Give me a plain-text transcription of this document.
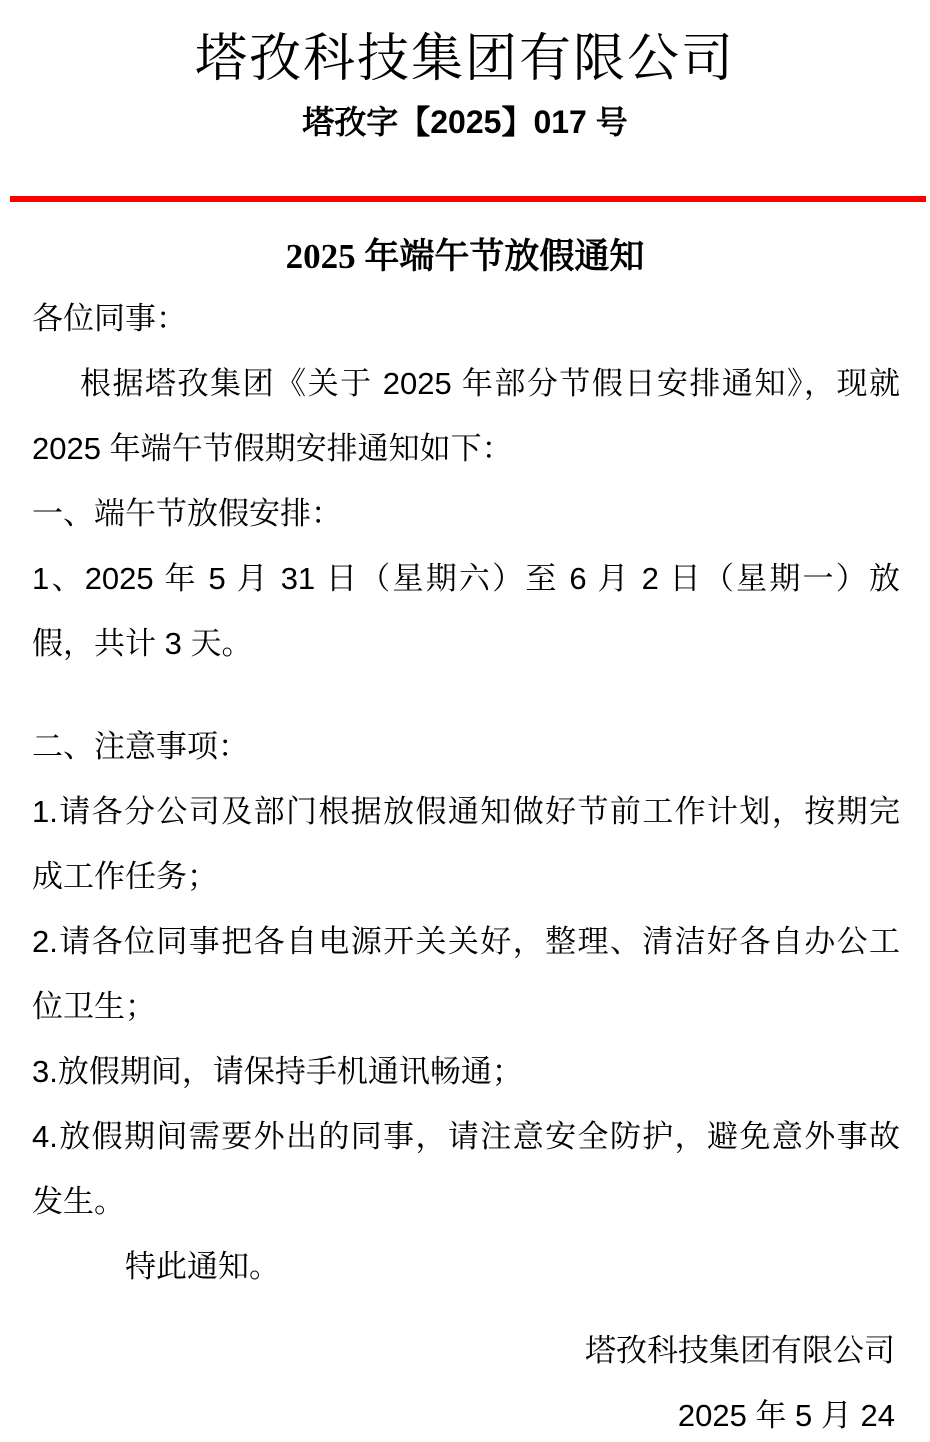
塔孜科技集团有限公司
塔孜字【2025】017 号
2025 年端午节放假通知
各位同事：
根据塔孜集团《关于 2025 年部分节假日安排通知》，现就
2025 年端午节假期安排通知如下：
一、端午节放假安排：
1、2025 年 5 月 31 日（星期六）至 6 月 2 日（星期一）放
假，共计 3 天。
二、注意事项：
1.请各分公司及部门根据放假通知做好节前工作计划，按期完
成工作任务；
2.请各位同事把各自电源开关关好，整理、清洁好各自办公工
位卫生；
3.放假期间，请保持手机通讯畅通；
4.放假期间需要外出的同事，请注意安全防护，避免意外事故
发生。
特此通知。
塔孜科技集团有限公司
2025 年 5 月 24
